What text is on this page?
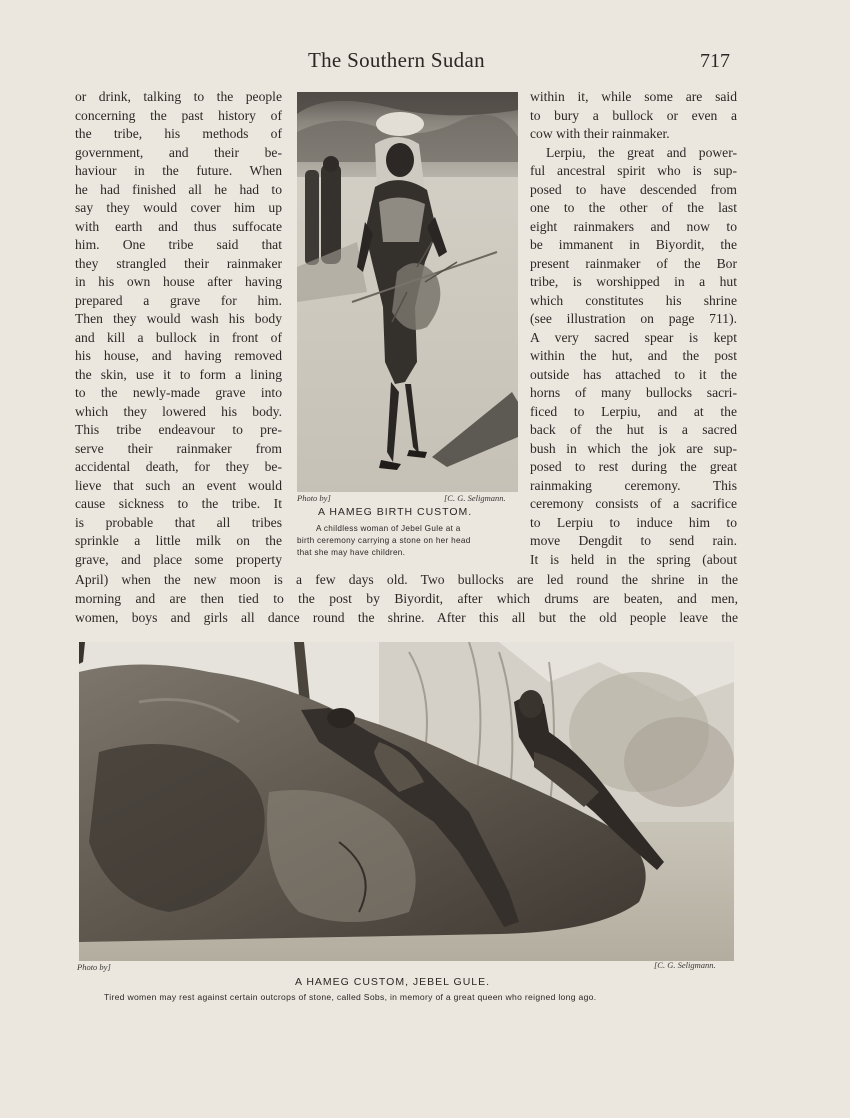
The Southern Sudan	717
or drink, talking to the people
concerning the past history of
the tribe, his methods of
government, and their be-
haviour in the future. When
he had finished all he had to
say they would cover him up
with earth and thus suffocate
him. One tribe said that
they strangled their rainmaker
in his own house after having
prepared a grave for him.
Then they would wash his body
and kill a bullock in front of
his house, and having removed
the skin, use it to form a lining
to the newly-made grave into
which they lowered his body.
This tribe endeavour to pre-
serve their rainmaker from
accidental death, for they be-
lieve that such an event would
cause sickness to the tribe. It
is probable that all tribes
sprinkle a little milk on the
grave, and place some property
Photo by]	[C. G. Seligmann.
A HAMEG BIRTH CUSTOM.
A childless woman of Jebel Gule at a
birth ceremony carrying a stone on her head
that she may have children.
within it, while some are said
to bury a bullock or even a
cow with their rainmaker.
Lerpiu, the great and power-
ful ancestral spirit who is sup-
posed to have descended from
one to the other of the last
eight rainmakers and now to
be immanent in Biyordit, the
present rainmaker of the Bor
tribe, is worshipped in a hut
which constitutes his shrine
(see illustration on page 711).
A very sacred spear is kept
within the hut, and the post
outside has attached to it the
horns of many bullocks sacri-
ficed to Lerpiu, and at the
back of the hut is a sacred
bush in which the jok are sup-
posed to rest during the great
rainmaking ceremony. This
ceremony consists of a sacrifice
to Lerpiu to induce him to
move Dengdit to send rain.
It is held in the spring (about
April) when the new moon is a few days old. Two bullocks are led round the shrine in the
morning and are then tied to the post by Biyordit, after which drums are beaten, and men,
women, boys and girls all dance round the shrine. After this all but the old people leave the
Photo by]	[C. G. Seligmann.
A HAMEG CUSTOM, JEBEL GULE.
Tired women may rest against certain outcrops of stone, called Sobs, in memory of a great queen who reigned long ago.
